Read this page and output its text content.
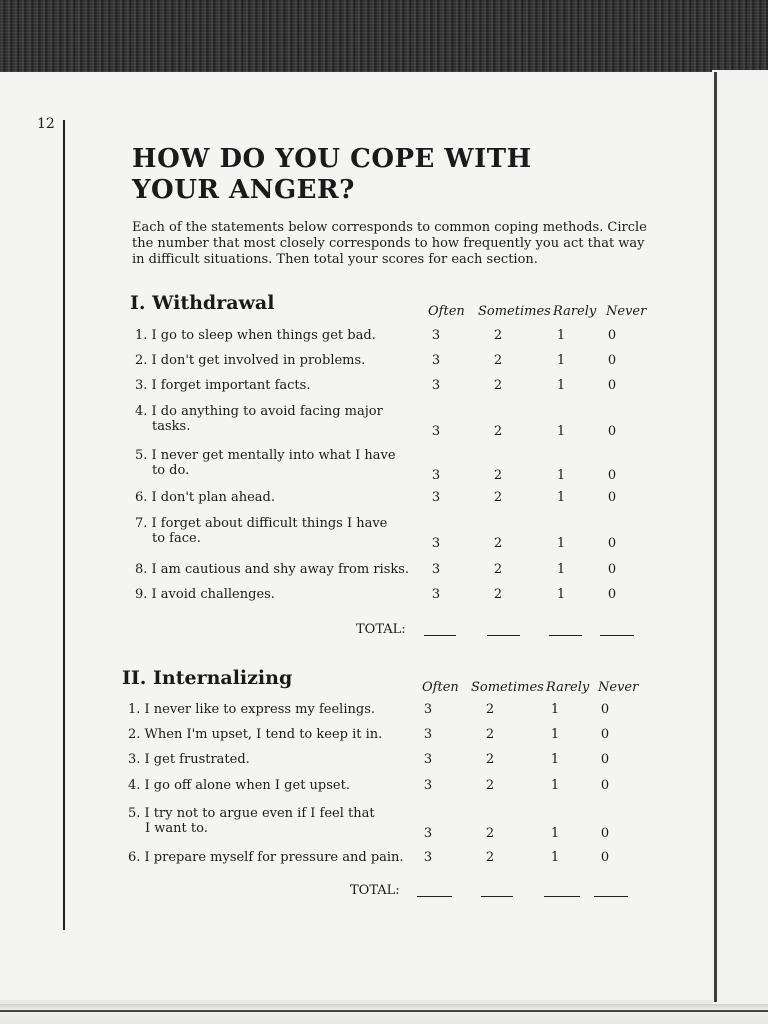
12
HOW DO YOU COPE WITH
YOUR ANGER?
Each of the statements below corresponds to common coping methods. Circle the number that most closely corresponds to how frequently you act that way in difficult situations. Then total your scores for each section.
I. Withdrawal	Often Sometimes Rarely Never
1. I go to sleep when things get bad.	3	2	1	0
2. I don't get involved in problems.	3	2	1	0
3. I forget important facts.	3	2	1	0
4. I do anything to avoid facing major
tasks.	3	2	1	0
5. I never get mentally into what I have
to do.	3	2	1	0
6. I don't plan ahead.	3	2	1	0
7. I forget about difficult things I have
to face.	3	2	1	0
8. I am cautious and shy away from risks.	3	2	1	0
9. I avoid challenges.	3	2	1	0
TOTAL:
II. Internalizing	Often Sometimes Rarely Never
1. I never like to express my feelings.	3	2	1	0
2. When I'm upset, I tend to keep it in.	3	2	1	0
3. I get frustrated.	3	2	1	0
4. I go off alone when I get upset.	3	2	1	0
5. I try not to argue even if I feel that
I want to.	3	2	1	0
6. I prepare myself for pressure and pain.	3	2	1	0
TOTAL:
